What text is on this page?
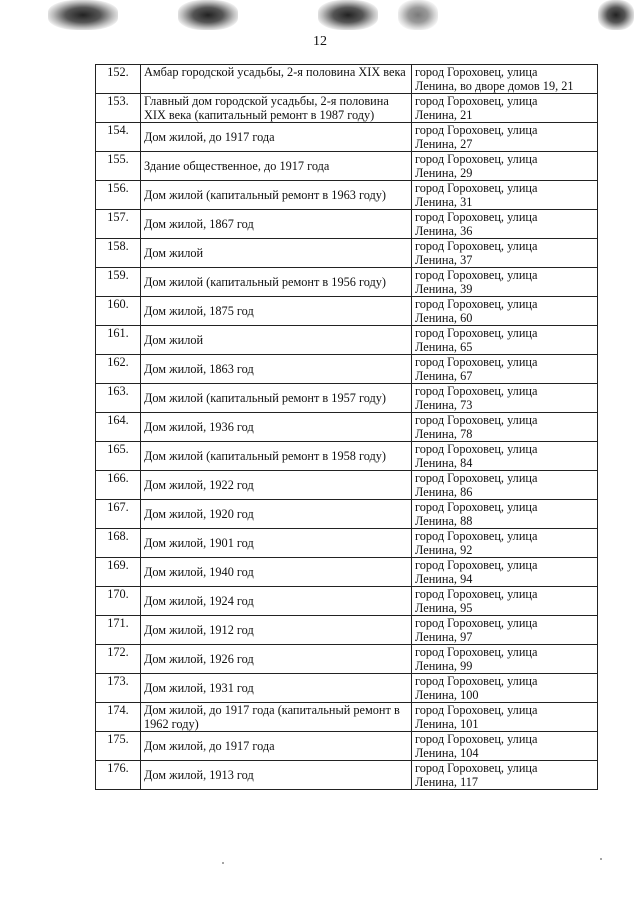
12
152.	Амбар городской усадьбы, 2-я половина XIX века	город Гороховец, улица
Ленина, во дворе домов 19, 21

153.	Главный дом городской усадьбы, 2-я половина XIX века (капитальный ремонт в 1987 году)	город Гороховец, улица
Ленина, 21

154.	Дом жилой, до 1917 года	город Гороховец, улица
Ленина, 27

155.	Здание общественное, до 1917 года	город Гороховец, улица
Ленина, 29

156.	Дом жилой (капитальный ремонт в 1963 году)	город Гороховец, улица
Ленина, 31

157.	Дом жилой, 1867 год	город Гороховец, улица
Ленина, 36

158.	Дом жилой	город Гороховец, улица
Ленина, 37

159.	Дом жилой (капитальный ремонт в 1956 году)	город Гороховец, улица
Ленина, 39

160.	Дом жилой, 1875 год	город Гороховец, улица
Ленина, 60

161.	Дом жилой	город Гороховец, улица
Ленина, 65

162.	Дом жилой, 1863 год	город Гороховец, улица
Ленина, 67

163.	Дом жилой (капитальный ремонт в 1957 году)	город Гороховец, улица
Ленина, 73

164.	Дом жилой, 1936 год	город Гороховец, улица
Ленина, 78

165.	Дом жилой (капитальный ремонт в 1958 году)	город Гороховец, улица
Ленина, 84

166.	Дом жилой, 1922 год	город Гороховец, улица
Ленина, 86

167.	Дом жилой, 1920 год	город Гороховец, улица
Ленина, 88

168.	Дом жилой, 1901 год	город Гороховец, улица
Ленина, 92

169.	Дом жилой, 1940 год	город Гороховец, улица
Ленина, 94

170.	Дом жилой, 1924 год	город Гороховец, улица
Ленина, 95

171.	Дом жилой, 1912 год	город Гороховец, улица
Ленина, 97

172.	Дом жилой, 1926 год	город Гороховец, улица
Ленина, 99

173.	Дом жилой, 1931 год	город Гороховец, улица
Ленина, 100

174.	Дом жилой, до 1917 года (капитальный ремонт в 1962 году)	город Гороховец, улица
Ленина, 101

175.	Дом жилой, до 1917 года	город Гороховец, улица
Ленина, 104

176.	Дом жилой, 1913 год	город Гороховец, улица
Ленина, 117
